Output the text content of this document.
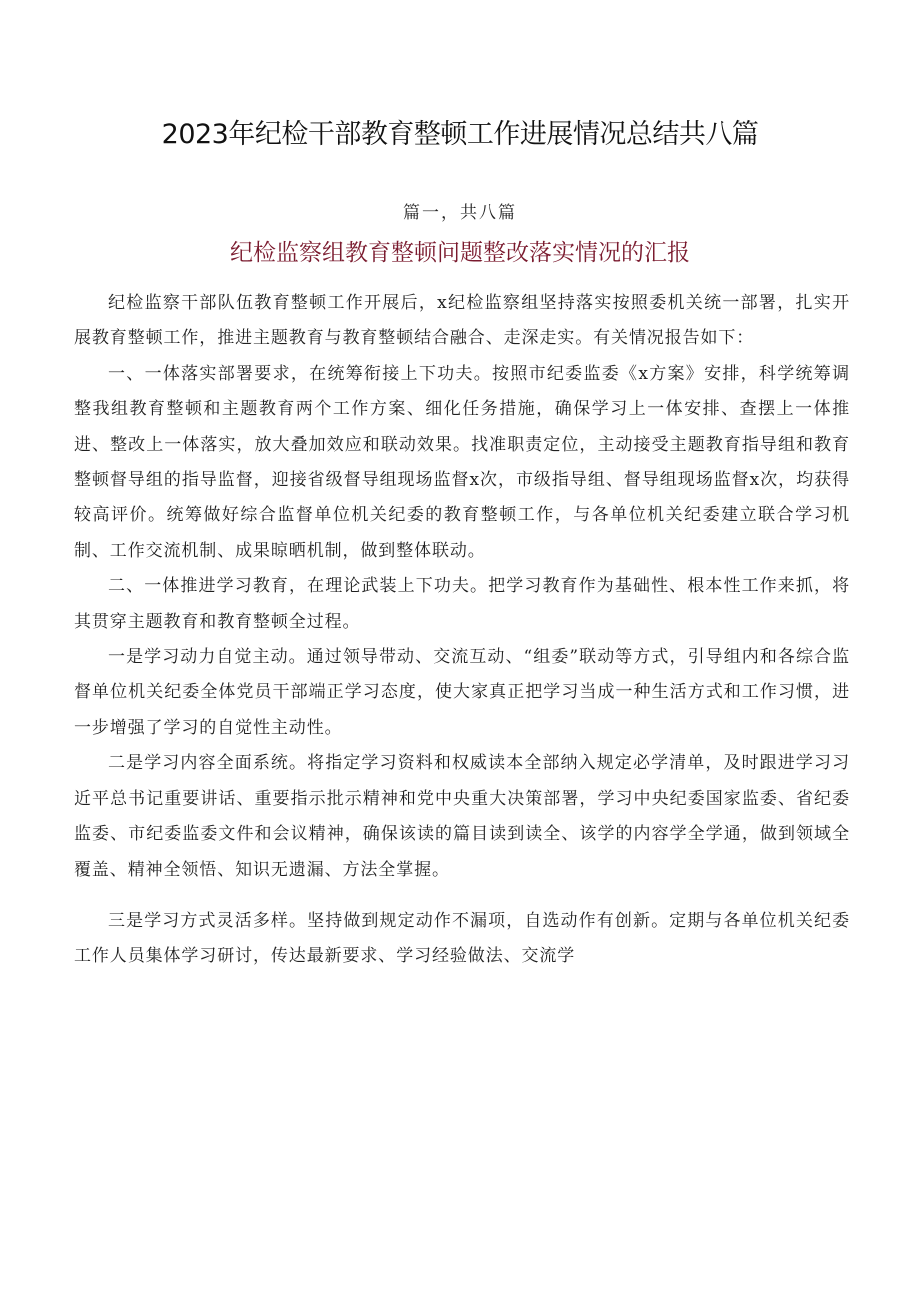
2023年纪检干部教育整顿工作进展情况总结共八篇
篇一，共八篇
纪检监察组教育整顿问题整改落实情况的汇报

纪检监察干部队伍教育整顿工作开展后，x纪检监察组坚持落实按照委机关统一部署，扎实开展教育整顿工作，推进主题教育与教育整顿结合融合、走深走实。有关情况报告如下：

一、一体落实部署要求，在统筹衔接上下功夫。按照市纪委监委《x方案》安排，科学统筹调整我组教育整顿和主题教育两个工作方案、细化任务措施，确保学习上一体安排、查摆上一体推进、整改上一体落实，放大叠加效应和联动效果。找准职责定位，主动接受主题教育指导组和教育整顿督导组的指导监督，迎接省级督导组现场监督x次，市级指导组、督导组现场监督x次，均获得较高评价。统筹做好综合监督单位机关纪委的教育整顿工作，与各单位机关纪委建立联合学习机制、工作交流机制、成果晾晒机制，做到整体联动。

二、一体推进学习教育，在理论武装上下功夫。把学习教育作为基础性、根本性工作来抓，将其贯穿主题教育和教育整顿全过程。

一是学习动力自觉主动。通过领导带动、交流互动、“组委”联动等方式，引导组内和各综合监督单位机关纪委全体党员干部端正学习态度，使大家真正把学习当成一种生活方式和工作习惯，进一步增强了学习的自觉性主动性。

二是学习内容全面系统。将指定学习资料和权威读本全部纳入规定必学清单，及时跟进学习习近平总书记重要讲话、重要指示批示精神和党中央重大决策部署，学习中央纪委国家监委、省纪委监委、市纪委监委文件和会议精神，确保该读的篇目读到读全、该学的内容学全学通，做到领域全覆盖、精神全领悟、知识无遗漏、方法全掌握。

三是学习方式灵活多样。坚持做到规定动作不漏项，自选动作有创新。定期与各单位机关纪委工作人员集体学习研讨，传达最新要求、学习经验做法、交流学
